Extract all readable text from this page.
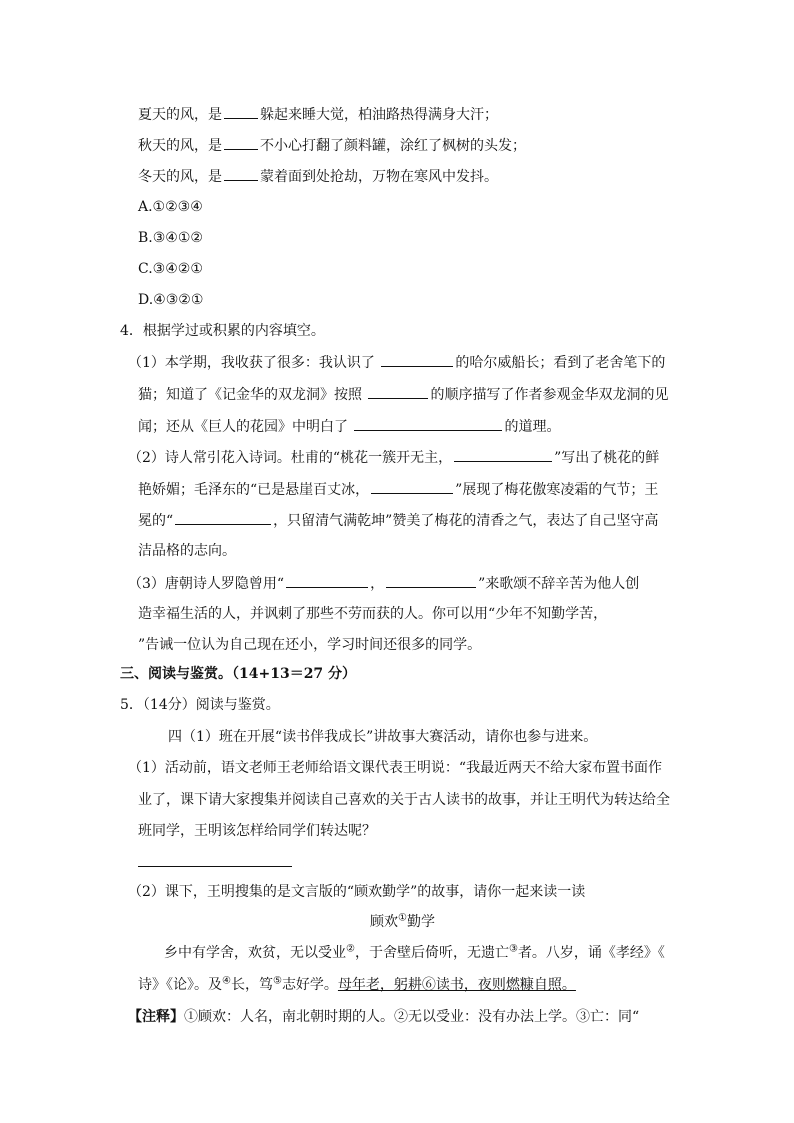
夏天的风，是	躲起来睡大觉，柏油路热得满身大汗；
秋天的风，是	不小心打翻了颜料罐，涂红了枫树的头发；
冬天的风，是	蒙着面到处抢劫，万物在寒风中发抖。
A.①②③④
B.③④①②
C.③④②①
D.④③②①
4．根据学过或积累的内容填空。
（1）本学期，我收获了很多：我认识了	的哈尔威船长；看到了老舍笔下的
猫；知道了《记金华的双龙洞》按照	的顺序描写了作者参观金华双龙洞的见
闻；还从《巨人的花园》中明白了	的道理。
（2）诗人常引花入诗词。杜甫的“桃花一簇开无主，	”写出了桃花的鲜
艳娇媚；毛泽东的“已是悬崖百丈冰，	”展现了梅花傲寒凌霜的气节；王
冕的“	，只留清气满乾坤”赞美了梅花的清香之气，表达了自己坚守高
洁品格的志向。
（3）唐朝诗人罗隐曾用“	，	”来歌颂不辞辛苦为他人创
造幸福生活的人，并讽刺了那些不劳而获的人。你可以用“少年不知勤学苦，
”告诫一位认为自己现在还小，学习时间还很多的同学。
三、阅读与鉴赏。（14+13＝27 分）
5．（14分）阅读与鉴赏。
四（1）班在开展“读书伴我成长”讲故事大赛活动，请你也参与进来。
（1）活动前，语文老师王老师给语文课代表王明说：“我最近两天不给大家布置书面作
业了，课下请大家搜集并阅读自己喜欢的关于古人读书的故事，并让王明代为转达给全
班同学，王明该怎样给同学们转达呢？
（2）课下，王明搜集的是文言版的“顾欢勤学”的故事，请你一起来读一读
顾欢①勤学
乡中有学舍，欢贫，无以受业②，于舍壁后倚听，无遗亡③者。八岁，诵《孝经》《
诗》《论》。及④长，笃⑤志好学。母年老，躬耕⑥读书，夜则燃糠自照。
【注释】①顾欢：人名，南北朝时期的人。②无以受业：没有办法上学。③亡：同“
